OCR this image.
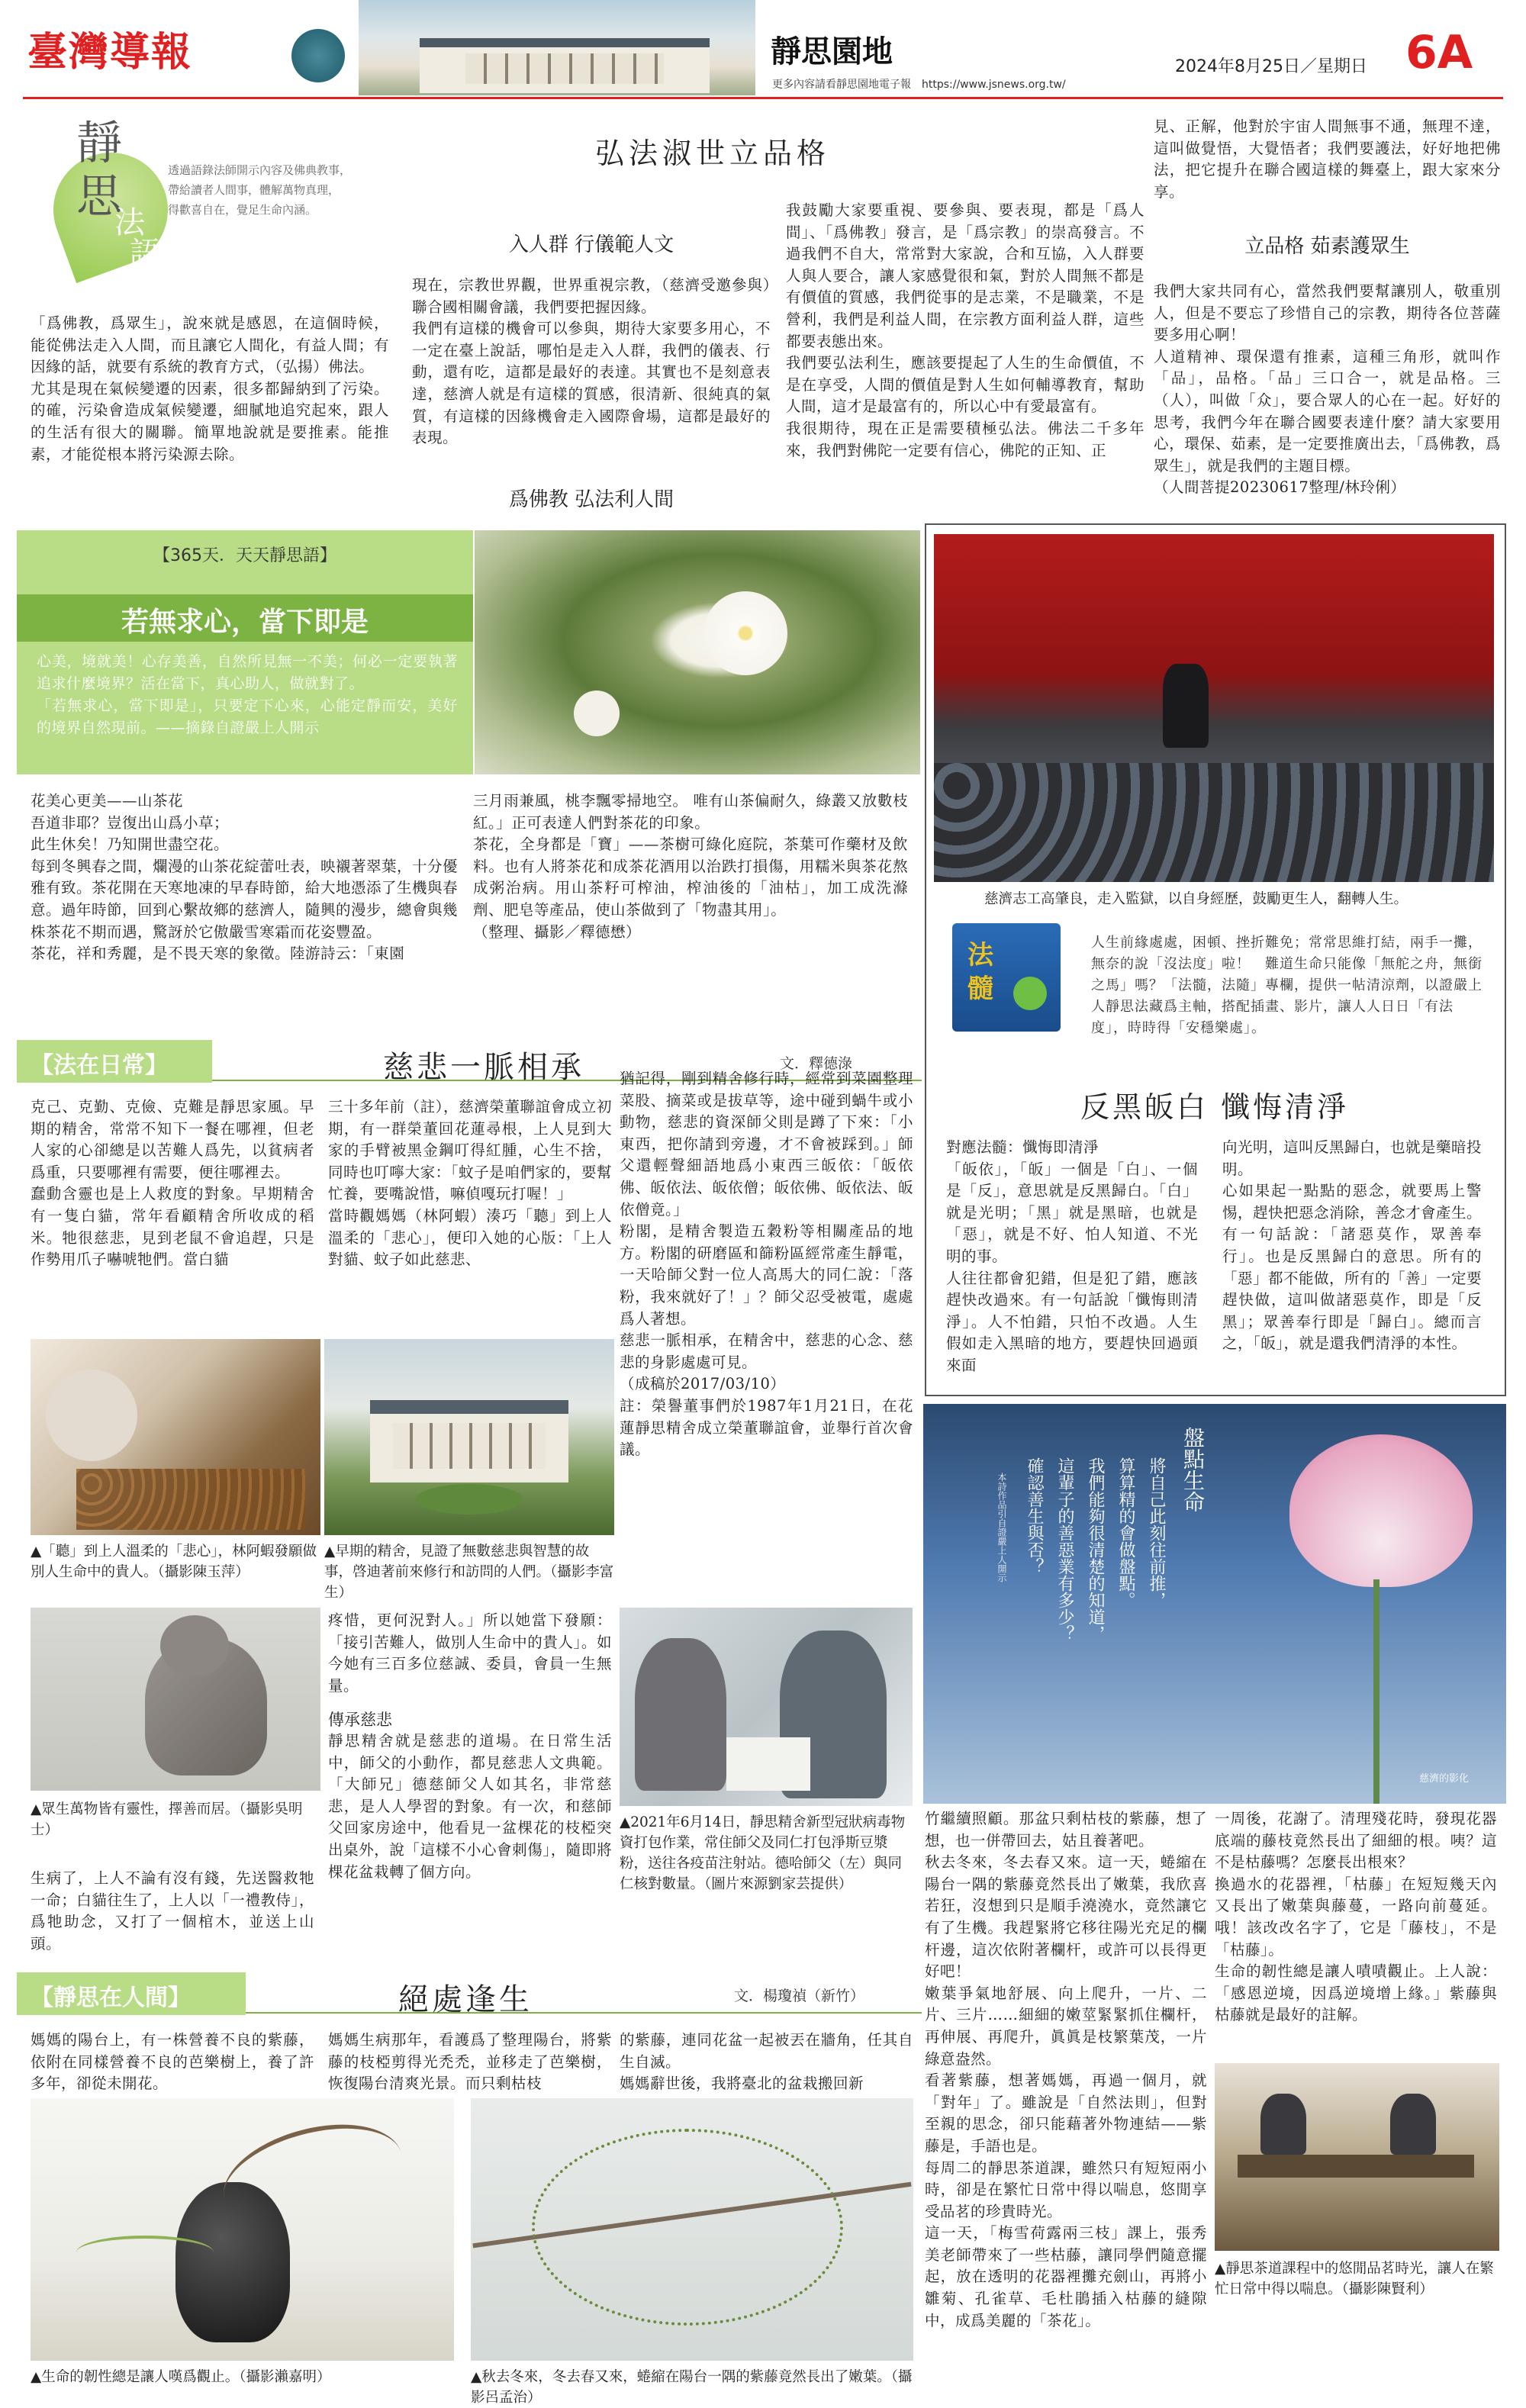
臺灣導報	靜思園地
更多內容請看靜思園地電子報　 https://www.jsnews.org.tw/
2024年8月25日／星期日 6A
靜
思
法
語
透過語錄法師開示內容及佛典教事，
帶給讀者人間事，體解萬物真理，
得歡喜自在，覺足生命內涵。
弘法淑世立品格
「爲佛教，爲眾生」，說來就是感恩，在這個時候，能從佛法走入人間，而且讓它人間化，有益人間；有因緣的話，就要有系統的教育方式，（弘揚）佛法。
尤其是現在氣候變遷的因素，很多都歸納到了污染。的確，污染會造成氣候變遷，細膩地追究起來，跟人的生活有很大的關聯。簡單地說就是要推素。能推素，才能從根本將污染源去除。
入人群 行儀範人文
現在，宗教世界觀，世界重視宗教，（慈濟受邀參與）聯合國相關會議，我們要把握因緣。
我們有這樣的機會可以參與，期待大家要多用心，不一定在臺上說話，哪怕是走入人群，我們的儀表、行動，還有吃，這都是最好的表達。其實也不是刻意表達，慈濟人就是有這樣的質感，很清新、很純真的氣質，有這樣的因緣機會走入國際會場，這都是最好的表現。
爲佛教 弘法利人間
我鼓勵大家要重視、要參與、要表現，都是「爲人間」、「爲佛教」發言，是「爲宗教」的崇高發言。不過我們不自大，常常對大家說，合和互協，入人群要人與人要合，讓人家感覺很和氣，對於人間無不都是有價值的質感，我們從事的是志業，不是職業，不是營利，我們是利益人間，在宗教方面利益人群，這些都要表態出來。
我們要弘法利生，應該要提起了人生的生命價值，不是在享受，人間的價值是對人生如何輔導教育，幫助人間，這才是最富有的，所以心中有愛最富有。
我很期待，現在正是需要積極弘法。佛法二千多年來，我們對佛陀一定要有信心，佛陀的正知、正
見、正解，他對於宇宙人間無事不通，無理不達，這叫做覺悟，大覺悟者；我們要護法，好好地把佛法，把它提升在聯合國這樣的舞臺上，跟大家來分享。
立品格 茹素護眾生
我們大家共同有心，當然我們要幫讓別人，敬重別人，但是不要忘了珍惜自己的宗教，期待各位菩薩要多用心啊！
人道精神、環保還有推素，這種三角形，就叫作「品」，品格。「品」三口合一，就是品格。三（人），叫做「众」，要合眾人的心在一起。好好的思考，我們今年在聯合國要表達什麼？請大家要用心，環保、茹素，是一定要推廣出去，「爲佛教，爲眾生」，就是我們的主題目標。
（人間菩提20230617整理/林玲俐）
【365天．天天靜思語】
若無求心，當下即是
心美，境就美！心存美善，自然所見無一不美；何必一定要執著追求什麼境界？活在當下，真心助人，做就對了。
「若無求心，當下即是」，只要定下心來，心能定靜而安，美好的境界自然現前。——摘錄自證嚴上人開示
花美心更美——山茶花
吾道非耶？豈復出山爲小草；
此生休矣！乃知開世盡空花。
每到冬興春之間，爛漫的山茶花綻蕾吐表，映襯著翠葉，十分優雅有致。茶花開在天寒地凍的早春時節，給大地憑添了生機與春意。過年時節，回到心繫故鄉的慈濟人，隨興的漫步，總會與幾株茶花不期而遇，驚訝於它傲嚴雪寒霜而花姿豐盈。
茶花，祥和秀麗，是不畏天寒的象徵。陸游詩云：「東園
三月雨兼風，桃李飄零掃地空。 唯有山茶偏耐久，綠叢又放數枝紅。」正可表達人們對茶花的印象。
茶花，全身都是「寶」——茶樹可綠化庭院，茶葉可作藥材及飲料。也有人將茶花和成茶花酒用以治跌打損傷，用糯米與茶花熬成粥治病。用山茶籽可榨油，榨油後的「油枯」，加工成洗滌劑、肥皂等產品，使山茶做到了「物盡其用」。
（整理、攝影／釋德懋）
【法在日常】	慈悲一脈相承	文．釋德淥
克己、克勤、克儉、克難是靜思家風。早期的精舍，常常不知下一餐在哪裡，但老人家的心卻總是以苦難人爲先，以貧病者爲重，只要哪裡有需要，便往哪裡去。
蠢動含靈也是上人救度的對象。早期精舍有一隻白貓，常年看顧精舍所收成的稻米。牠很慈悲，見到老鼠不會追趕，只是作勢用爪子嚇唬牠們。當白貓
▲「聽」到上人溫柔的「悲心」，林阿蝦發願做別人生命中的貴人。（攝影陳玉萍）
▲眾生萬物皆有靈性，擇善而居。（攝影吳明士）
生病了，上人不論有沒有錢，先送醫救牠一命；白貓往生了，上人以「一禮教侍」，爲牠助念，又打了一個棺木，並送上山頭。
三十多年前（註），慈濟榮董聯誼會成立初期，有一群榮董回花蓮尋根，上人見到大家的手臂被黑金鋼叮得紅腫，心生不捨，同時也叮嚀大家：「蚊子是咱們家的，要幫忙養，要嘴說惜，嘛偵嘎玩打喔！」
當時觀媽媽（林阿蝦）湊巧「聽」到上人溫柔的「悲心」，便印入她的心版：「上人對貓、蚊子如此慈悲、
▲早期的精舍，見證了無數慈悲與智慧的故事，啓迪著前來修行和訪問的人們。（攝影李富生）
疼惜，更何況對人。」所以她當下發願：「接引苦難人，做別人生命中的貴人」。如今她有三百多位慈誠、委員，會員一生無量。
傳承慈悲
靜思精舍就是慈悲的道場。在日常生活中，師父的小動作，都見慈悲人文典範。「大師兄」德慈師父人如其名，非常慈悲，是人人學習的對象。有一次，和慈師父回家房途中，他看見一盆棵花的枝椏突出桌外，說「這樣不小心會刺傷」，隨即將棵花盆栽轉了個方向。
猶記得，剛到精舍修行時，經常到菜園整理菜股、摘菜或是拔草等，途中碰到蝸牛或小動物，慈悲的資深師父則是蹲了下來：「小東西，把你請到旁邊，才不會被踩到。」師父還輕聲細語地爲小東西三皈依：「皈依佛、皈依法、皈依僧；皈依佛、皈依法、皈依僧竟。」
粉閣，是精舍製造五穀粉等相關產品的地方。粉閣的研磨區和篩粉區經常產生靜電，一天哈師父對一位人高馬大的同仁說：「落粉，我來就好了！」？師父忍受被電，處處爲人著想。
慈悲一脈相承，在精舍中，慈悲的心念、慈悲的身影處處可見。
（成稿於2017/03/10）
註：榮譽董事們於1987年1月21日，在花蓮靜思精舍成立榮董聯誼會，並舉行首次會議。
▲2021年6月14日，靜思精舍新型冠狀病毒物資打包作業，常住師父及同仁打包淨斯豆漿粉，送往各疫苗注射站。德哈師父（左）與同仁核對數量。（圖片來源劉家芸提供）
【靜思在人間】	絕處逢生	文．楊瓊禎（新竹）
媽媽的陽台上，有一株營養不良的紫藤，依附在同樣營養不良的芭樂樹上，養了許多年，卻從未開花。
媽媽生病那年，看護爲了整理陽台，將紫藤的枝椏剪得光禿禿，並移走了芭樂樹，恢復陽台清爽光景。而只剩枯枝
的紫藤，連同花盆一起被丟在牆角，任其自生自滅。
媽媽辭世後，我將臺北的盆栽搬回新
▲生命的韌性總是讓人嘆爲觀止。（攝影瀨嘉明）	▲秋去冬來，冬去春又來，蜷縮在陽台一隅的紫藤竟然長出了嫩葉。（攝影呂孟治）
慈濟志工高肇良，走入監獄，以自身經歷，鼓勵更生人，翻轉人生。
法髓
人生前緣處處，困頓、挫折難免；常常思維打結，兩手一攤，無奈的說「沒法度」啦！　難道生命只能像「無舵之舟，無銜之馬」嗎？「法髓，法隨」專欄，提供一帖清涼劑，以證嚴上人靜思法藏爲主軸，搭配插畫、影片，讓人人日日「有法度」，時時得「安穩樂處」。
反黑皈白 懺悔清淨
對應法髓：懺悔即清淨
「皈依」，「皈」一個是「白」、一個是「反」，意思就是反黑歸白。「白」就是光明；「黑」就是黑暗，也就是「惡」，就是不好、怕人知道、不光明的事。
人往往都會犯錯，但是犯了錯，應該趕快改過來。有一句話說「懺悔則清淨」。人不怕錯，只怕不改過。人生假如走入黑暗的地方，要趕快回過頭來面
向光明，這叫反黑歸白，也就是藥暗投明。
心如果起一點點的惡念，就要馬上警惕，趕快把惡念消除，善念才會產生。有一句話說：「諸惡莫作，眾善奉行」。也是反黑歸白的意思。所有的「惡」都不能做，所有的「善」一定要趕快做，這叫做諸惡莫作，即是「反黑」；眾善奉行即是「歸白」。總而言之，「皈」，就是還我們清淨的本性。
盤點生命
將自己此刻往前推，
算算精的會做盤點。
我們能夠很清楚的知道，
這輩子的善惡業有多少？
確認善生與否？
本詩作品引自證嚴上人開示
慈濟的影化
竹繼續照顧。那盆只剩枯枝的紫藤，想了想，也一併帶回去，姑且養著吧。
秋去冬來，冬去春又來。這一天，蜷縮在陽台一隅的紫藤竟然長出了嫩葉，我欣喜若狂，沒想到只是順手澆澆水，竟然讓它有了生機。我趕緊將它移往陽光充足的欄杆邊，這次依附著欄杆，或許可以長得更好吧！
嫩葉爭氣地舒展、向上爬升，一片、二片、三片……細細的嫩莖緊緊抓住欄杆，再伸展、再爬升，眞眞是枝繁葉茂，一片綠意盎然。
看著紫藤，想著媽媽，再過一個月，就「對年」了。雖說是「自然法則」，但對至親的思念，卻只能藉著外物連結——紫藤是，手語也是。
每周二的靜思茶道課，雖然只有短短兩小時，卻是在繁忙日常中得以喘息，悠閒享受品茗的珍貴時光。
這一天，「梅雪荷露兩三枝」課上，張秀美老師帶來了一些枯藤，讓同學們隨意擺起，放在透明的花器裡攤充劍山，再將小雛菊、孔雀草、毛杜鵑插入枯藤的縫隙中，成爲美麗的「茶花」。
一周後，花謝了。清理殘花時，發現花器底端的藤枝竟然長出了細細的根。咦？這不是枯藤嗎？怎麼長出根來？
換過水的花器裡，「枯藤」在短短幾天內又長出了嫩葉與藤蔓，一路向前蔓延。哦！該改改名字了，它是「藤枝」，不是「枯藤」。
生命的韌性總是讓人嘖嘖觀止。上人說：「感恩逆境，因爲逆境增上緣。」紫藤與枯藤就是最好的註解。
▲靜思茶道課程中的悠閒品茗時光，讓人在繁忙日常中得以喘息。（攝影陳賢利）
